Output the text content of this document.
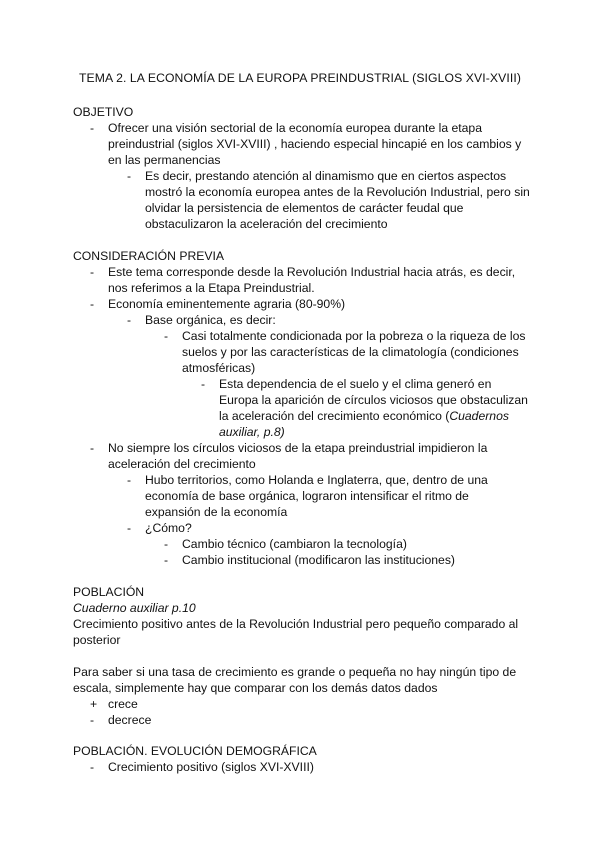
TEMA 2. LA ECONOMÍA DE LA EUROPA PREINDUSTRIAL (SIGLOS XVI-XVIII)
OBJETIVO
-	Ofrecer una visión sectorial de la economía europea durante la etapa preindustrial (siglos XVI-XVIII) , haciendo especial hincapié en los cambios y en las permanencias
-	Es decir, prestando atención al dinamismo que en ciertos aspectos mostró la economía europea antes de la Revolución Industrial, pero sin olvidar la persistencia de elementos de carácter feudal que obstaculizaron la aceleración del crecimiento
CONSIDERACIÓN PREVIA
-	Este tema corresponde desde la Revolución Industrial hacia atrás, es decir, nos referimos a la Etapa Preindustrial.
-	Economía eminentemente agraria (80-90%)
-	Base orgánica, es decir:
-	Casi totalmente condicionada por la pobreza o la riqueza de los suelos y por las características de la climatología (condiciones atmosféricas)
-	Esta dependencia de el suelo y el clima generó en Europa la aparición de círculos viciosos que obstaculizan la aceleración del crecimiento económico (Cuadernos auxiliar, p.8)
-	No siempre los círculos viciosos de la etapa preindustrial impidieron la aceleración del crecimiento
-	Hubo territorios, como Holanda e Inglaterra, que, dentro de una economía de base orgánica, lograron intensificar el ritmo de expansión de la economía
-	¿Cómo?
-	Cambio técnico (cambiaron la tecnología)
-	Cambio institucional (modificaron las instituciones)
POBLACIÓN
Cuaderno auxiliar p.10
Crecimiento positivo antes de la Revolución Industrial pero pequeño comparado al posterior
Para saber si una tasa de crecimiento es grande o pequeña no hay ningún tipo de escala, simplemente hay que comparar con los demás datos dados
+ crece
-	decrece
POBLACIÓN. EVOLUCIÓN DEMOGRÁFICA
-	Crecimiento positivo (siglos XVI-XVIII)
